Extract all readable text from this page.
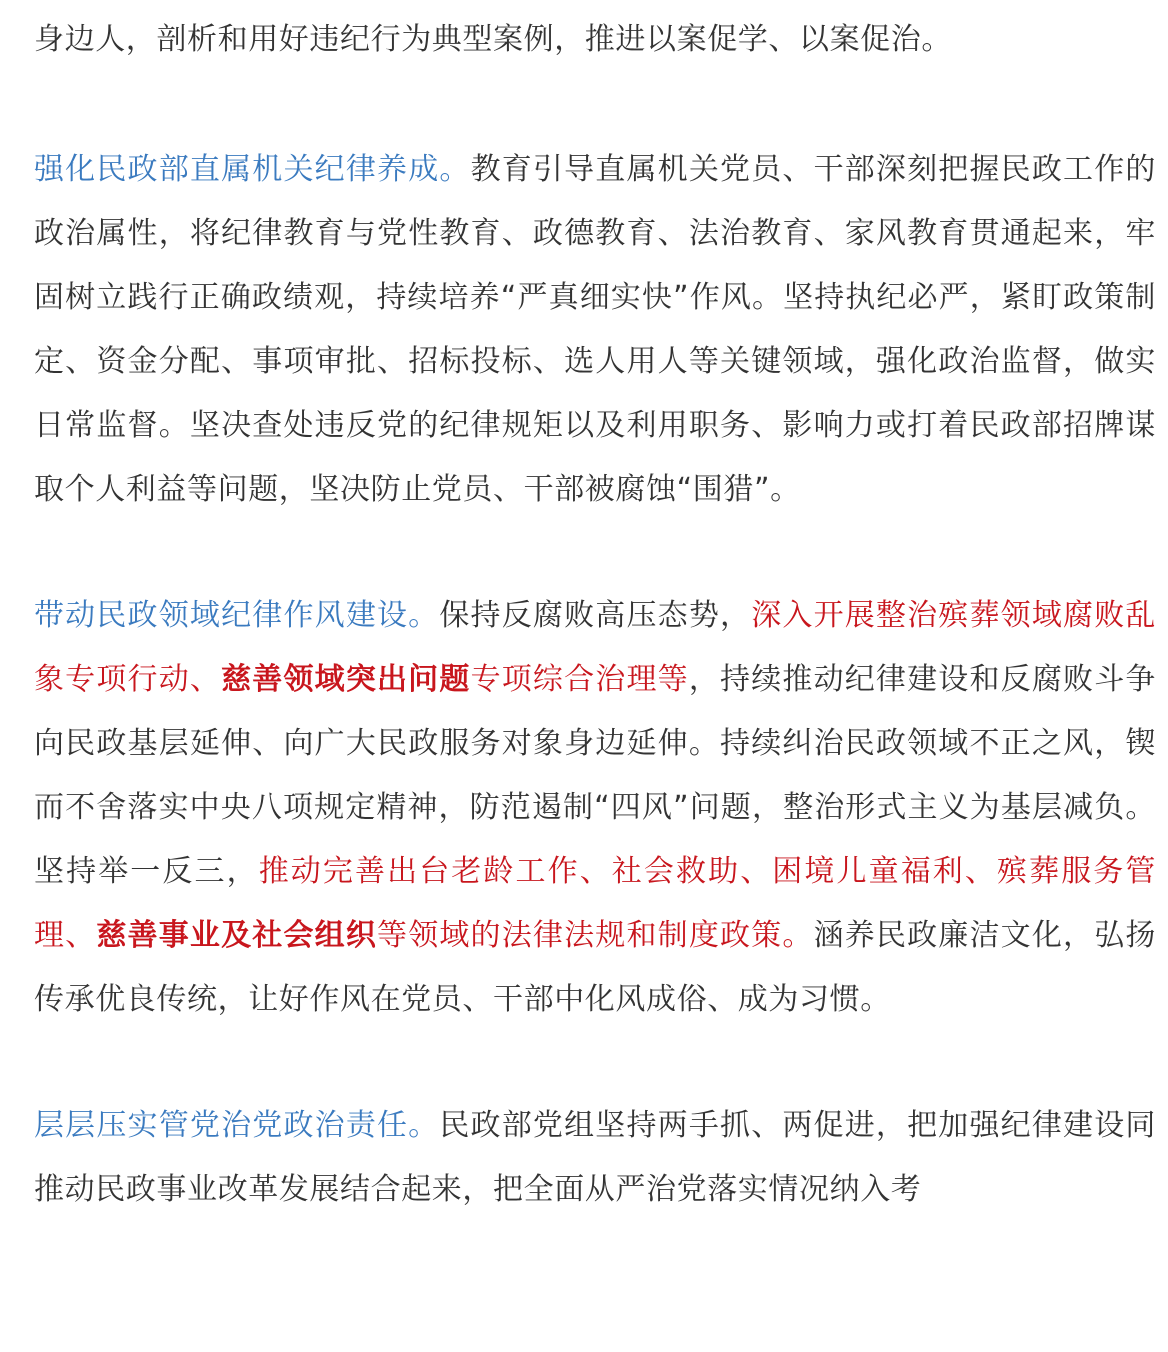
身边人，剖析和用好违纪行为典型案例，推进以案促学、以案促治。

强化民政部直属机关纪律养成。教育引导直属机关党员、干部深刻把握民政工作的政治属性，将纪律教育与党性教育、政德教育、法治教育、家风教育贯通起来，牢固树立践行正确政绩观，持续培养“严真细实快”作风。坚持执纪必严，紧盯政策制定、资金分配、事项审批、招标投标、选人用人等关键领域，强化政治监督，做实日常监督。坚决查处违反党的纪律规矩以及利用职务、影响力或打着民政部招牌谋取个人利益等问题，坚决防止党员、干部被腐蚀“围猎”。

带动民政领域纪律作风建设。保持反腐败高压态势，深入开展整治殡葬领域腐败乱象专项行动、慈善领域突出问题专项综合治理等，持续推动纪律建设和反腐败斗争向民政基层延伸、向广大民政服务对象身边延伸。持续纠治民政领域不正之风，锲而不舍落实中央八项规定精神，防范遏制“四风”问题，整治形式主义为基层减负。坚持举一反三，推动完善出台老龄工作、社会救助、困境儿童福利、殡葬服务管理、慈善事业及社会组织等领域的法律法规和制度政策。涵养民政廉洁文化，弘扬传承优良传统，让好作风在党员、干部中化风成俗、成为习惯。

层层压实管党治党政治责任。民政部党组坚持两手抓、两促进，把加强纪律建设同推动民政事业改革发展结合起来，把全面从严治党落实情况纳入考
